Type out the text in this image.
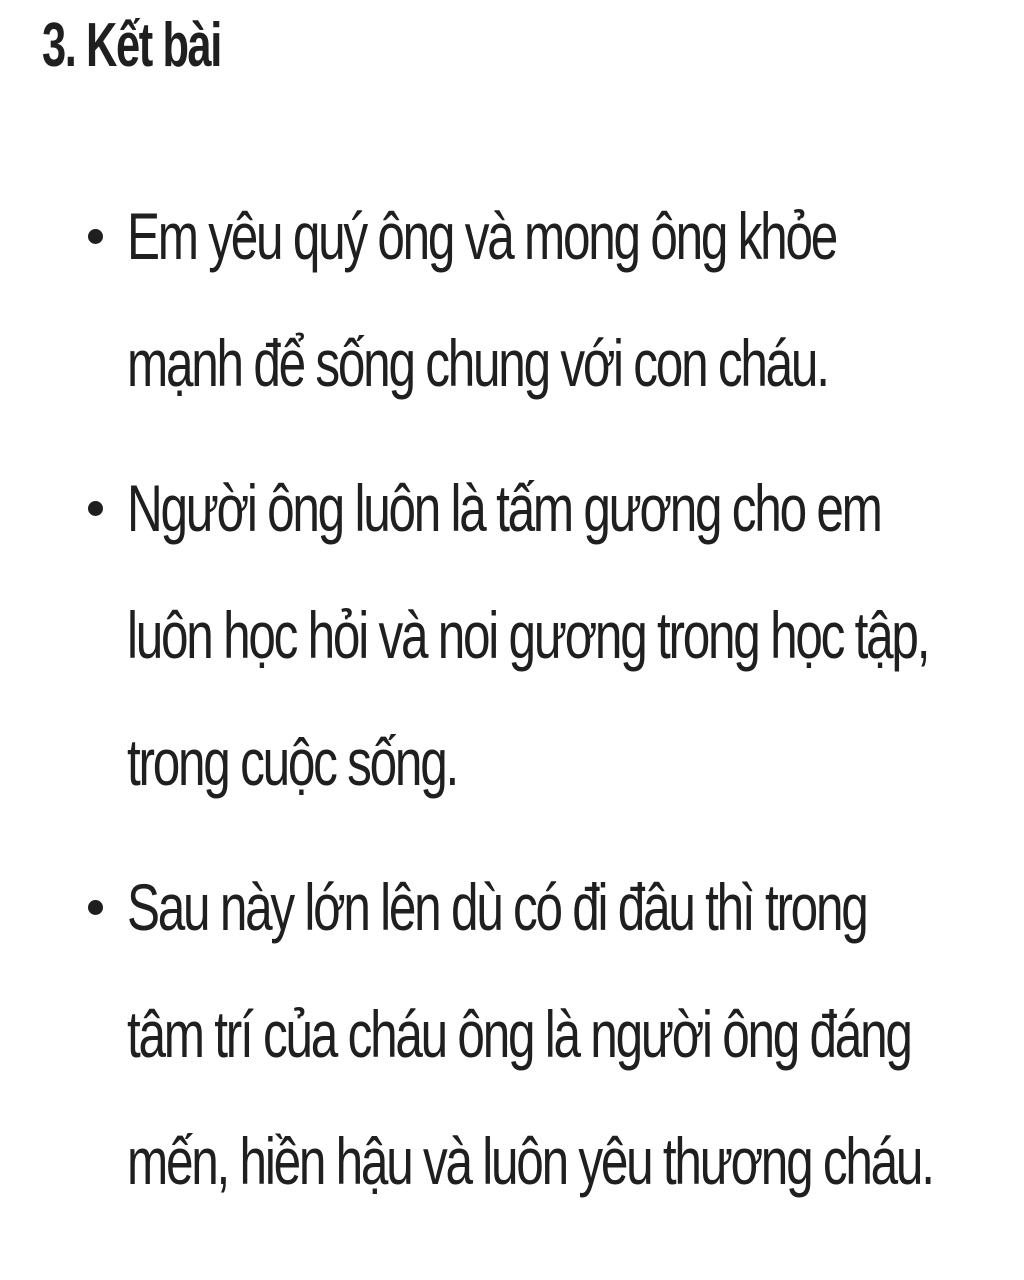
3. Kết bài
Em yêu quý ông và mong ông khỏe
mạnh để sống chung với con cháu.
Người ông luôn là tấm gương cho em
luôn học hỏi và noi gương trong học tập,
trong cuộc sống.
Sau này lớn lên dù có đi đâu thì trong
tâm trí của cháu ông là người ông đáng
mến, hiền hậu và luôn yêu thương cháu.
